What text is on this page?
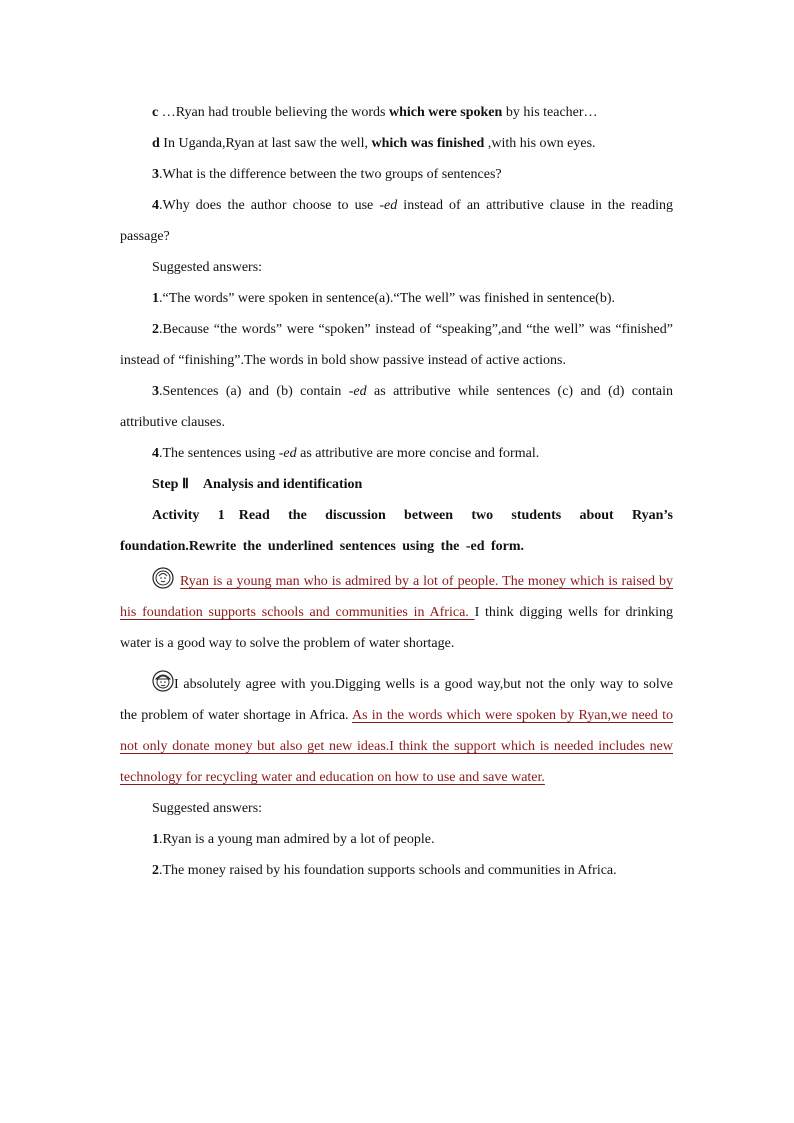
c …Ryan had trouble believing the words which were spoken by his teacher…

d In Uganda,Ryan at last saw the well, which was finished ,with his own eyes.

3.What is the difference between the two groups of sentences?

4.Why does the author choose to use -ed instead of an attributive clause in the reading passage?

Suggested answers:

1.“The words” were spoken in sentence(a).“The well” was finished in sentence(b).

2.Because “the words” were “spoken” instead of “speaking”,and “the well” was “finished” instead of “finishing”.The words in bold show passive instead of active actions.

3.Sentences (a) and (b) contain -ed as attributive while sentences (c) and (d) contain attributive clauses.

4.The sentences using -ed as attributive are more concise and formal.

Step Ⅱ Analysis and identification

Activity 1 Read the discussion between two students about Ryan’s foundation.Rewrite the underlined sentences using the -ed form.

Ryan is a young man who is admired by a lot of people. The money which is raised by his foundation supports schools and communities in Africa. I think digging wells for drinking water is a good way to solve the problem of water shortage.

I absolutely agree with you.Digging wells is a good way,but not the only way to solve the problem of water shortage in Africa. As in the words which were spoken by Ryan,we need to not only donate money but also get new ideas.I think the support which is needed includes new technology for recycling water and education on how to use and save water.

Suggested answers:

1.Ryan is a young man admired by a lot of people.

2.The money raised by his foundation supports schools and communities in Africa.
